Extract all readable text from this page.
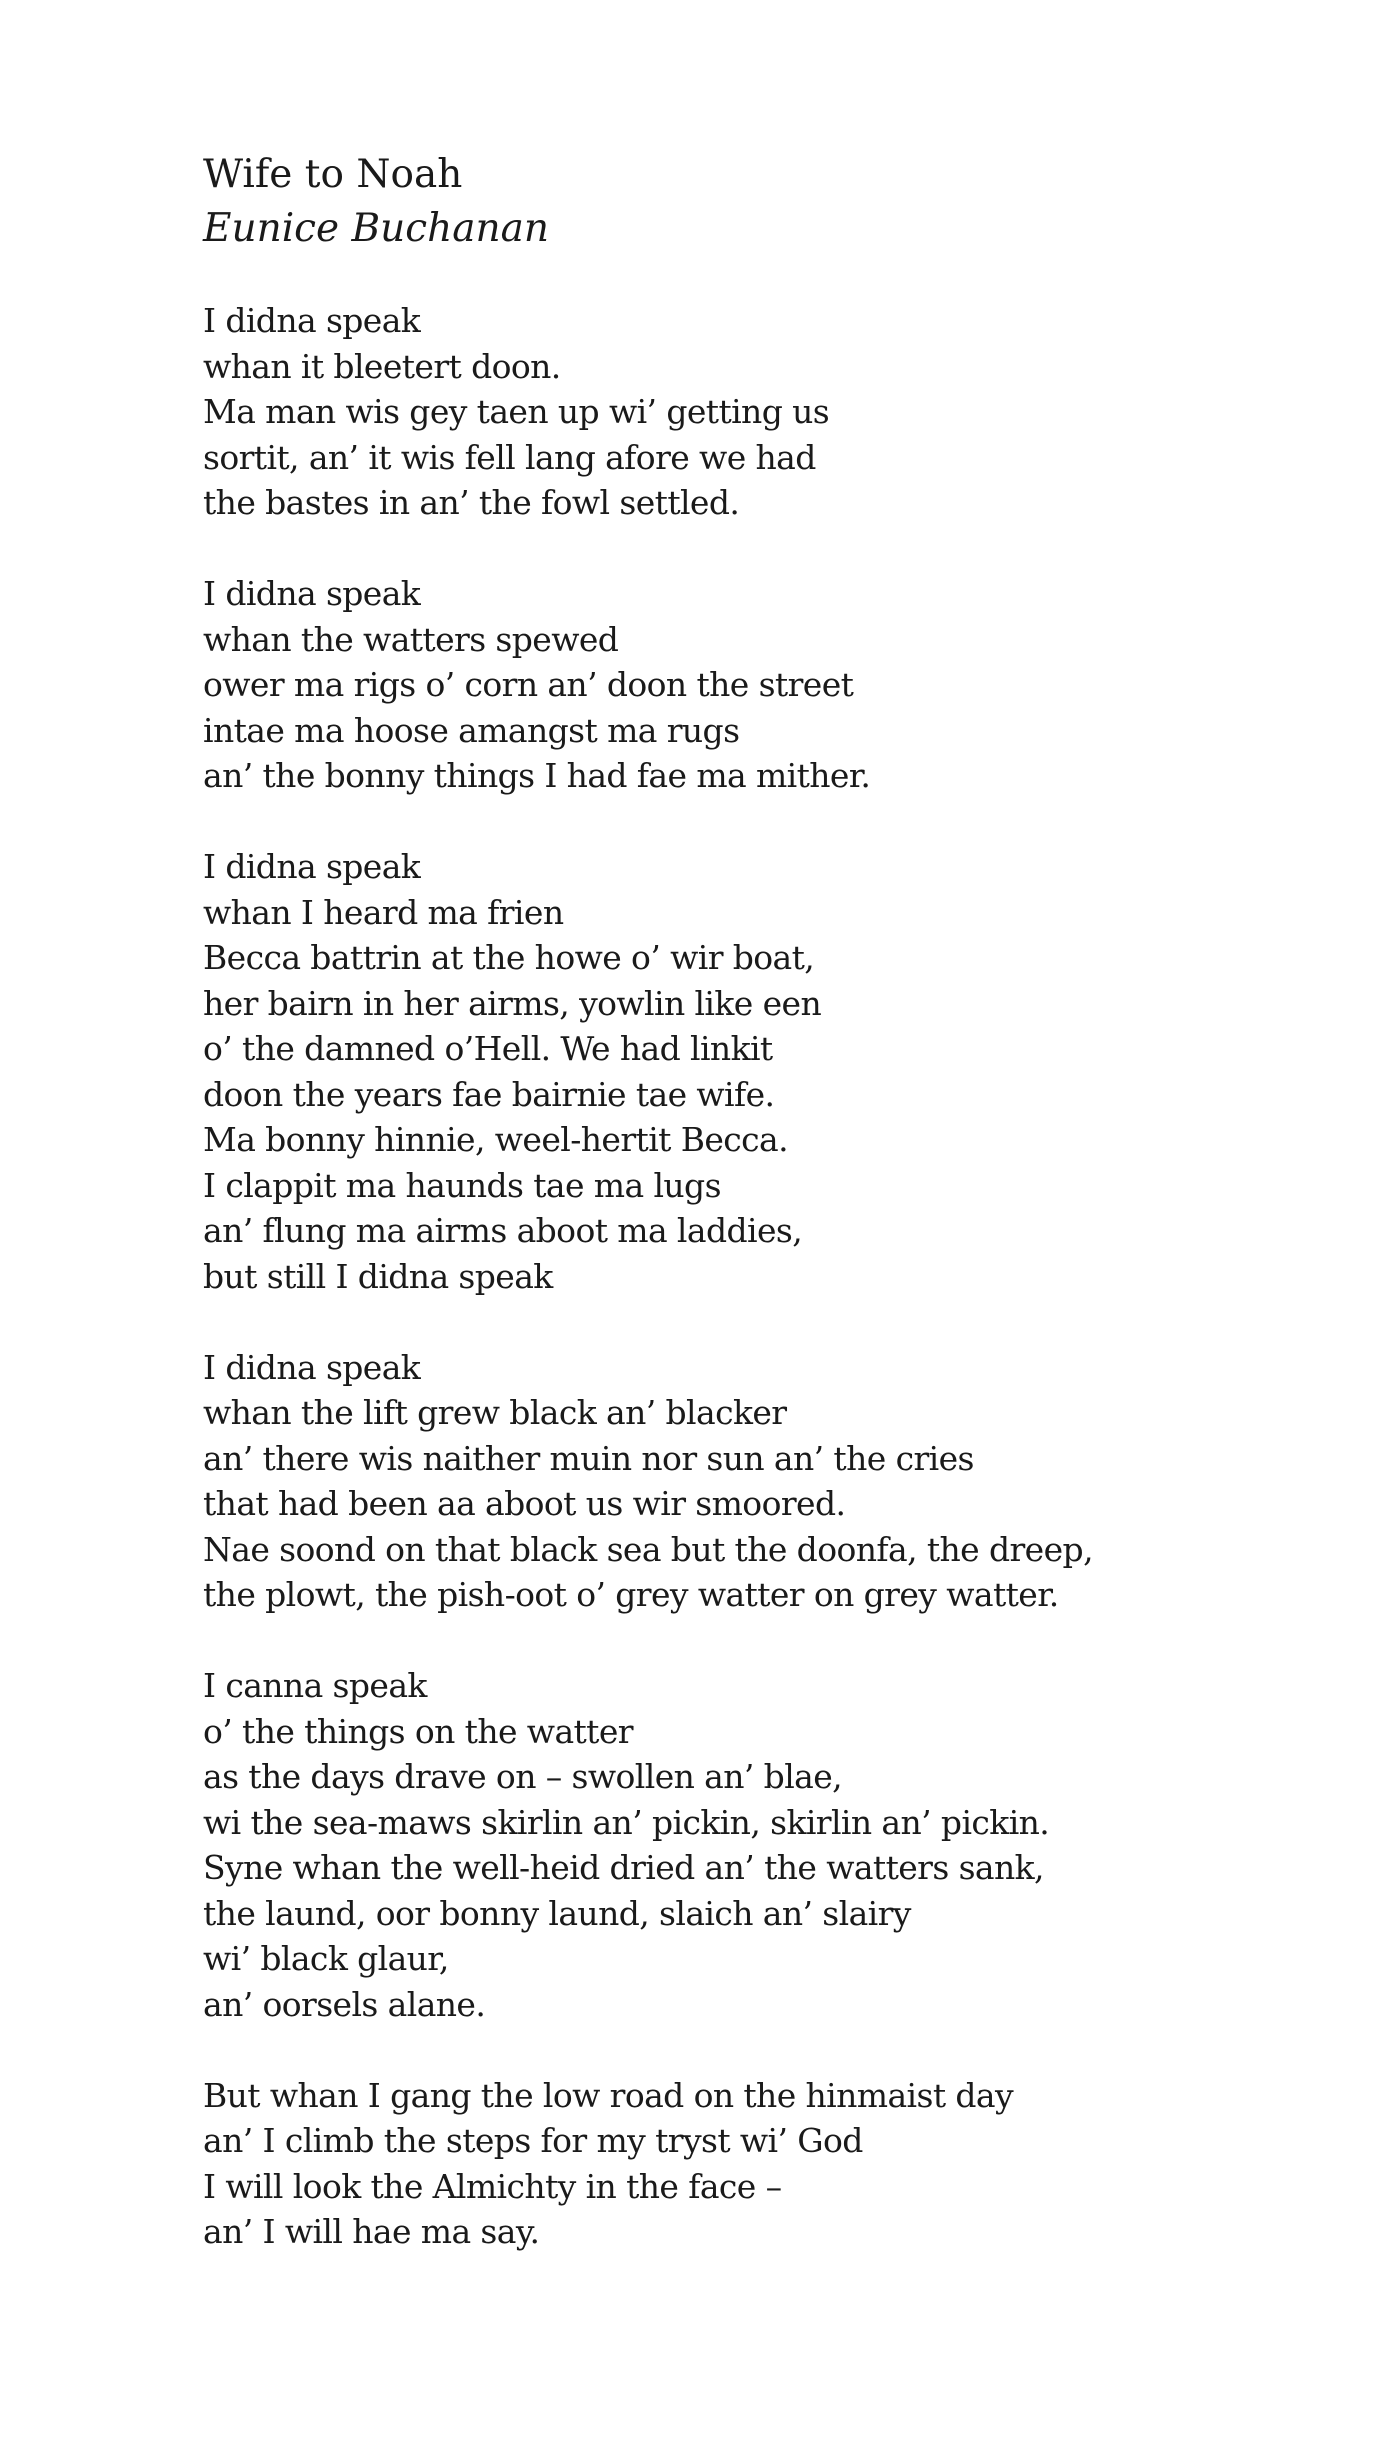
Wife to Noah
Eunice Buchanan
I didna speak
whan it bleetert doon.
Ma man wis gey taen up wi’ getting us
sortit, an’ it wis fell lang afore we had
the bastes in an’ the fowl settled.
I didna speak
whan the watters spewed
ower ma rigs o’ corn an’ doon the street
intae ma hoose amangst ma rugs
an’ the bonny things I had fae ma mither.
I didna speak
whan I heard ma frien
Becca battrin at the howe o’ wir boat,
her bairn in her airms, yowlin like een
o’ the damned o’Hell. We had linkit
doon the years fae bairnie tae wife.
Ma bonny hinnie, weel-hertit Becca.
I clappit ma haunds tae ma lugs
an’ flung ma airms aboot ma laddies,
but still I didna speak
I didna speak
whan the lift grew black an’ blacker
an’ there wis naither muin nor sun an’ the cries
that had been aa aboot us wir smoored.
Nae soond on that black sea but the doonfa, the dreep,
the plowt, the pish-oot o’ grey watter on grey watter.
I canna speak
o’ the things on the watter
as the days drave on – swollen an’ blae,
wi the sea-maws skirlin an’ pickin, skirlin an’ pickin.
Syne whan the well-heid dried an’ the watters sank,
the laund, oor bonny laund, slaich an’ slairy
wi’ black glaur,
an’ oorsels alane.
But whan I gang the low road on the hinmaist day
an’ I climb the steps for my tryst wi’ God
I will look the Almichty in the face –
an’ I will hae ma say.
